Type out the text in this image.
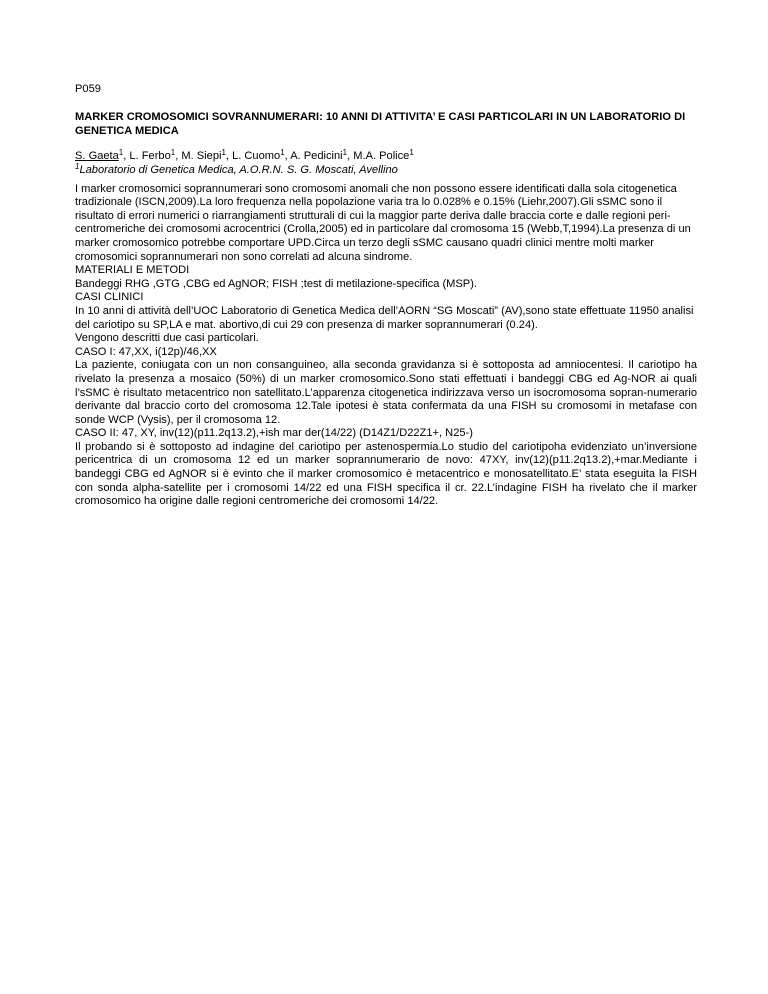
P059

MARKER CROMOSOMICI SOVRANNUMERARI: 10 ANNI DI ATTIVITA’ E CASI PARTICOLARI IN UN LABORATORIO DI GENETICA MEDICA

S. Gaeta$^1$, L. Ferbo$^1$, M. Siepi$^1$, L. Cuomo$^1$, A. Pedicini$^1$, M.A. Police$^1$

$^1$Laboratorio di Genetica Medica, A.O.R.N. S. G. Moscati, Avellino

I marker cromosomici soprannumerari sono cromosomi anomali che non possono essere identificati dalla sola citogenetica tradizionale (ISCN,2009).La loro frequenza nella popolazione varia tra lo 0.028% e 0.15% (Liehr,2007).Gli sSMC sono il risultato di errori numerici o riarrangiamenti strutturali di cui la maggior parte deriva dalle braccia corte e dalle regioni peri-centromeriche dei cromosomi acrocentrici (Crolla,2005) ed in particolare dal cromosoma 15 (Webb,T,1994).La presenza di un marker cromosomico potrebbe comportare UPD.Circa un terzo degli sSMC causano quadri clinici mentre molti marker cromosomici soprannumerari non sono correlati ad alcuna sindrome.

MATERIALI E METODI

Bandeggi RHG ,GTG ,CBG ed AgNOR; FISH ;test di metilazione-specifica (MSP).

CASI CLINICI

In 10 anni di attività dell’UOC Laboratorio di Genetica Medica dell’AORN “SG Moscati” (AV),sono state effettuate 11950 analisi del cariotipo su SP,LA e mat. abortivo,di cui 29 con presenza di marker soprannumerari (0.24).

Vengono descritti due casi particolari.

CASO I: 47,XX, i(12p)/46,XX

La paziente, coniugata con un non consanguineo, alla seconda gravidanza si è sottoposta ad amniocentesi. Il cariotipo ha rivelato la presenza a mosaico (50%) di un marker cromosomico.Sono stati effettuati i bandeggi CBG ed Ag-NOR ai quali l’sSMC è risultato metacentrico non satellitato.L’apparenza citogenetica indirizzava verso un isocromosoma sopran-numerario derivante dal braccio corto del cromosoma 12.Tale ipotesi è stata confermata da una FISH su cromosomi in metafase con sonde WCP (Vysis), per il cromosoma 12.

CASO II: 47, XY, inv(12)(p11.2q13.2),+ish mar der(14/22) (D14Z1/D22Z1+, N25-)

Il probando si è sottoposto ad indagine del cariotipo per astenospermia.Lo studio del cariotipoha evidenziato un’inversione pericentrica di un cromosoma 12 ed un marker soprannumerario de novo: 47XY, inv(12)(p11.2q13.2),+mar.Mediante i bandeggi CBG ed AgNOR si è evinto che il marker cromosomico è metacentrico e monosatellitato.E’ stata eseguita la FISH con sonda alpha-satellite per i cromosomi 14/22 ed una FISH specifica il cr. 22.L’indagine FISH ha rivelato che il marker cromosomico ha origine dalle regioni centromeriche dei cromosomi 14/22.
